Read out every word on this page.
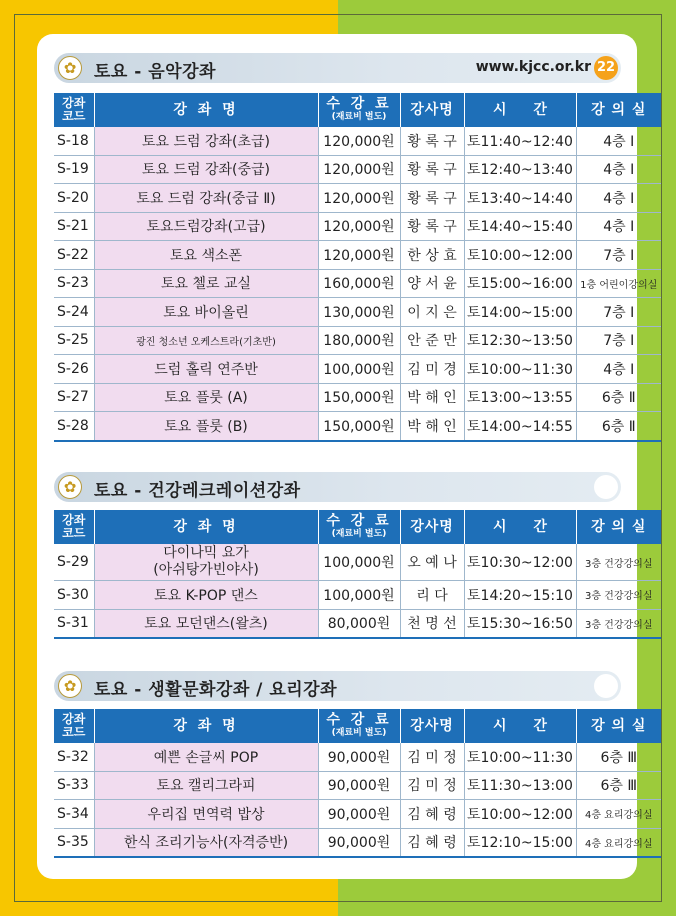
✿	토요 - 음악강좌	www.kjcc.or.kr 22
강좌
코드	강 좌 명	수 강 료
(재료비 별도)	강사명	시 간	강 의 실

S-18	토요 드럼 강좌(초급)	120,000원	황 록 구	토11:40~12:40	4층 Ⅰ
S-19	토요 드럼 강좌(중급)	120,000원	황 록 구	토12:40~13:40	4층 Ⅰ
S-20	토요 드럼 강좌(중급 Ⅱ)	120,000원	황 록 구	토13:40~14:40	4층 Ⅰ
S-21	토요드럼강좌(고급)	120,000원	황 록 구	토14:40~15:40	4층 Ⅰ
S-22	토요 색소폰	120,000원	한 상 효	토10:00~12:00	7층 Ⅰ
S-23	토요 첼로 교실	160,000원	양 서 윤	토15:00~16:00	1층 어린이강의실
S-24	토요 바이올린	130,000원	이 지 은	토14:00~15:00	7층 Ⅰ
S-25	광진 청소년 오케스트라(기초반)	180,000원	안 준 만	토12:30~13:50	7층 Ⅰ
S-26	드럼 홀릭 연주반	100,000원	김 미 경	토10:00~11:30	4층 Ⅰ
S-27	토요 플룻 (A)	150,000원	박 해 인	토13:00~13:55	6층 Ⅱ
S-28	토요 플룻 (B)	150,000원	박 해 인	토14:00~14:55	6층 Ⅱ
✿	토요 - 건강레크레이션강좌
강좌
코드	강 좌 명	수 강 료
(재료비 별도)	강사명	시 간	강 의 실

S-29	다이나믹 요가
(아쉬탕가빈야사)	100,000원	오 예 나	토10:30~12:00	3층 건강강의실
S-30	토요 K-POP 댄스	100,000원	리 다	토14:20~15:10	3층 건강강의실
S-31	토요 모던댄스(왈츠)	80,000원	천 명 선	토15:30~16:50	3층 건강강의실
✿	토요 - 생활문화강좌 / 요리강좌
강좌
코드	강 좌 명	수 강 료
(재료비 별도)	강사명	시 간	강 의 실

S-32	예쁜 손글씨 POP	90,000원	김 미 정	토10:00~11:30	6층 Ⅲ
S-33	토요 캘리그라피	90,000원	김 미 정	토11:30~13:00	6층 Ⅲ
S-34	우리집 면역력 밥상	90,000원	김 혜 령	토10:00~12:00	4층 요리강의실
S-35	한식 조리기능사(자격증반)	90,000원	김 혜 령	토12:10~15:00	4층 요리강의실
